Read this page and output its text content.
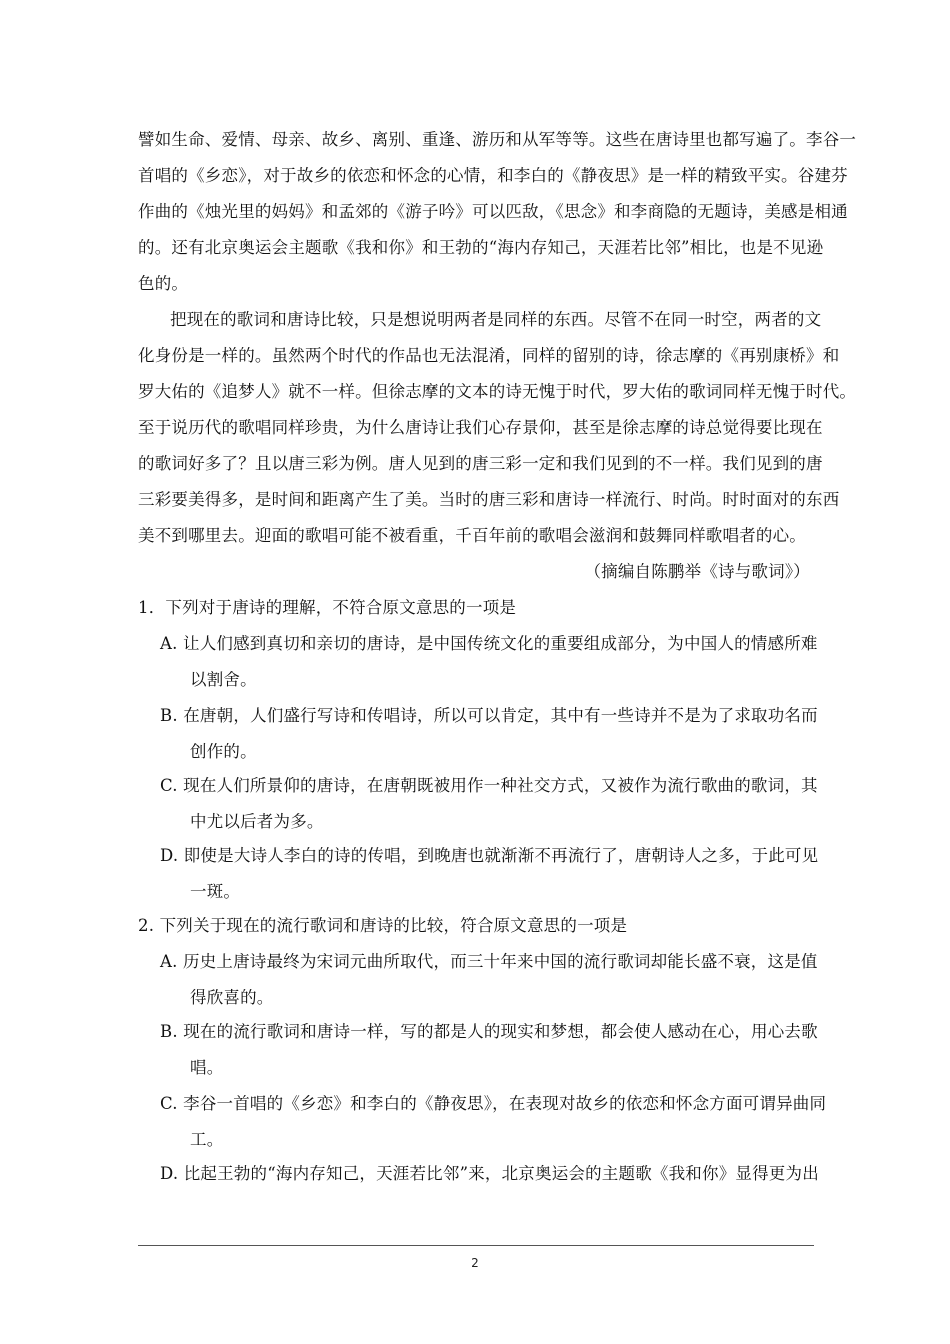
譬如生命、爱情、母亲、故乡、离别、重逢、游历和从军等等。这些在唐诗里也都写遍了。李谷一
首唱的《乡恋》，对于故乡的依恋和怀念的心情，和李白的《静夜思》是一样的精致平实。谷建芬
作曲的《烛光里的妈妈》和孟郊的《游子吟》可以匹敌，《思念》和李商隐的无题诗，美感是相通
的。还有北京奥运会主题歌《我和你》和王勃的“海内存知己，天涯若比邻”相比，也是不见逊
色的。
把现在的歌词和唐诗比较，只是想说明两者是同样的东西。尽管不在同一时空，两者的文
化身份是一样的。虽然两个时代的作品也无法混淆，同样的留别的诗，徐志摩的《再别康桥》和
罗大佑的《追梦人》就不一样。但徐志摩的文本的诗无愧于时代，罗大佑的歌词同样无愧于时代。
至于说历代的歌唱同样珍贵，为什么唐诗让我们心存景仰，甚至是徐志摩的诗总觉得要比现在
的歌词好多了？且以唐三彩为例。唐人见到的唐三彩一定和我们见到的不一样。我们见到的唐
三彩要美得多，是时间和距离产生了美。当时的唐三彩和唐诗一样流行、时尚。时时面对的东西
美不到哪里去。迎面的歌唱可能不被看重，千百年前的歌唱会滋润和鼓舞同样歌唱者的心。
（摘编自陈鹏举《诗与歌词》）
1．下列对于唐诗的理解，不符合原文意思的一项是
A. 让人们感到真切和亲切的唐诗，是中国传统文化的重要组成部分，为中国人的情感所难
以割舍。
B. 在唐朝，人们盛行写诗和传唱诗，所以可以肯定，其中有一些诗并不是为了求取功名而
创作的。
C. 现在人们所景仰的唐诗，在唐朝既被用作一种社交方式，又被作为流行歌曲的歌词，其
中尤以后者为多。
D. 即使是大诗人李白的诗的传唱，到晚唐也就渐渐不再流行了，唐朝诗人之多，于此可见
一斑。
2. 下列关于现在的流行歌词和唐诗的比较，符合原文意思的一项是
A. 历史上唐诗最终为宋词元曲所取代，而三十年来中国的流行歌词却能长盛不衰，这是值
得欣喜的。
B. 现在的流行歌词和唐诗一样，写的都是人的现实和梦想，都会使人感动在心，用心去歌
唱。
C. 李谷一首唱的《乡恋》和李白的《静夜思》，在表现对故乡的依恋和怀念方面可谓异曲同
工。
D. 比起王勃的“海内存知己，天涯若比邻”来，北京奥运会的主题歌《我和你》显得更为出
2
